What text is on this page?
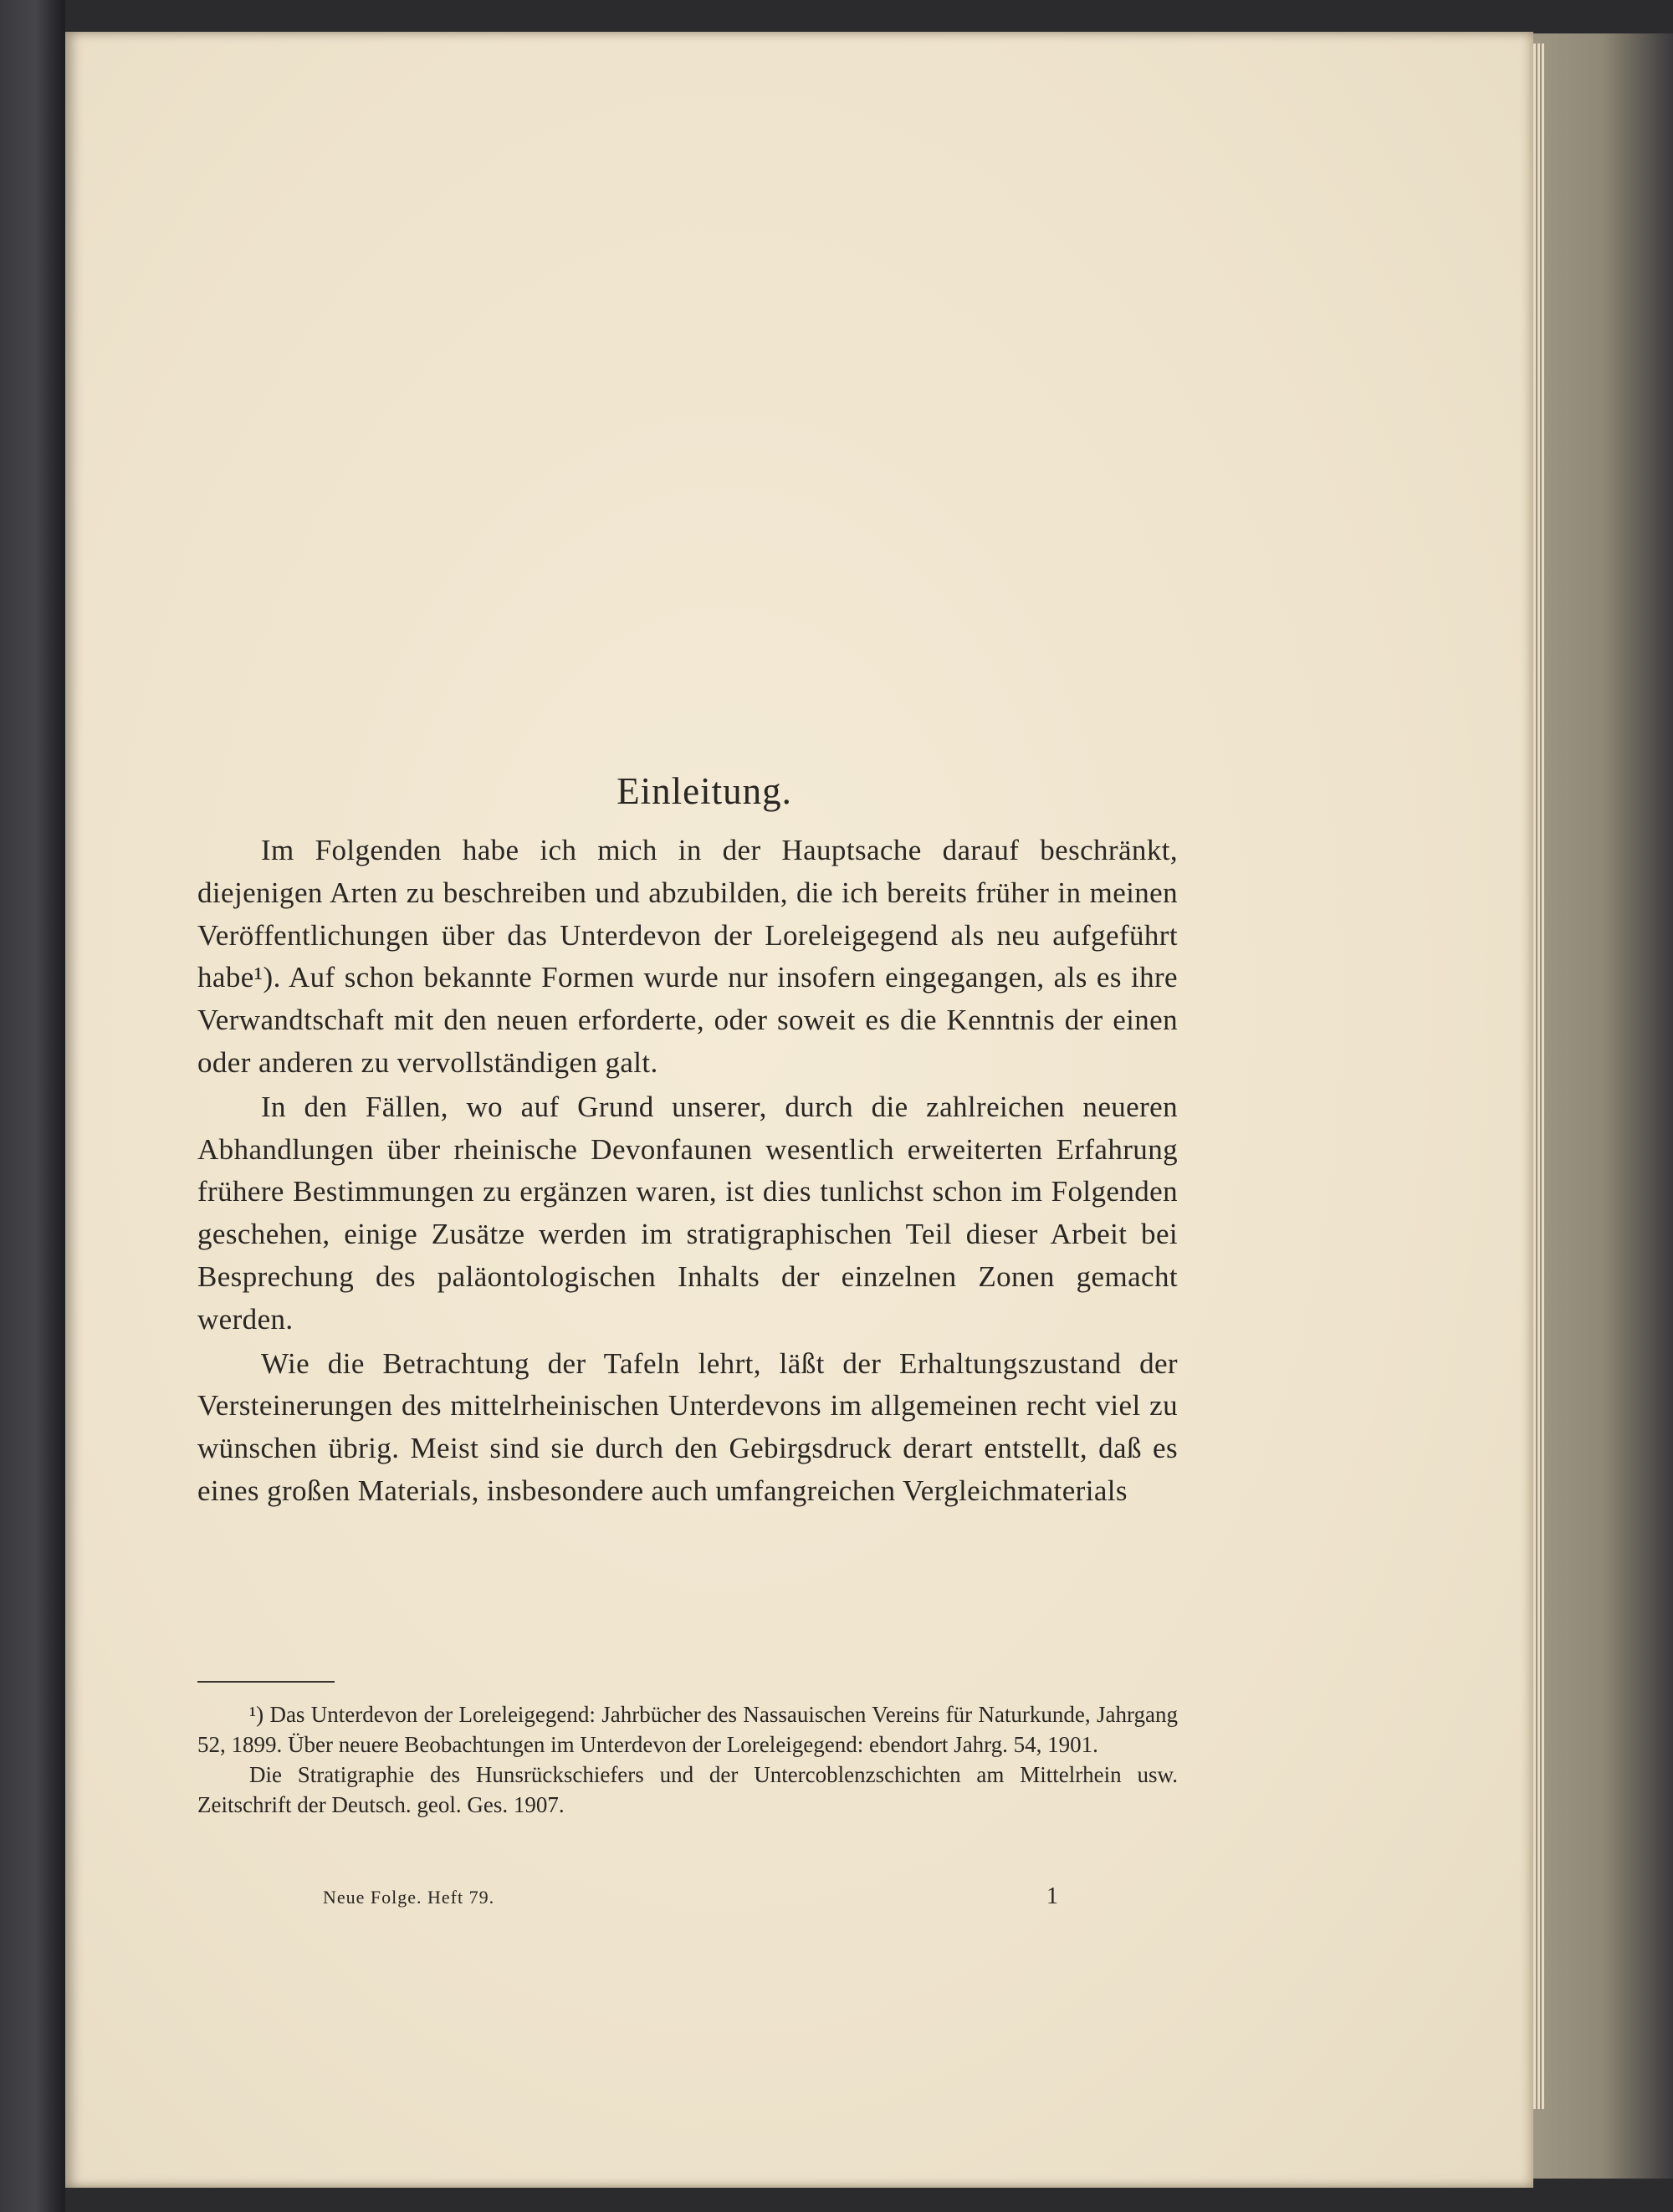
Einleitung.

Im Folgenden habe ich mich in der Hauptsache darauf beschränkt, diejenigen Arten zu beschreiben und abzubilden, die ich bereits früher in meinen Veröffentlichungen über das Unterdevon der Loreleigegend als neu aufgeführt habe¹). Auf schon bekannte Formen wurde nur insofern eingegangen, als es ihre Verwandtschaft mit den neuen erforderte, oder soweit es die Kenntnis der einen oder anderen zu vervollständigen galt.

In den Fällen, wo auf Grund unserer, durch die zahlreichen neueren Abhandlungen über rheinische Devonfaunen wesentlich erweiterten Erfahrung frühere Bestimmungen zu ergänzen waren, ist dies tunlichst schon im Folgenden geschehen, einige Zusätze werden im stratigraphischen Teil dieser Arbeit bei Besprechung des paläontologischen Inhalts der einzelnen Zonen gemacht werden.

Wie die Betrachtung der Tafeln lehrt, läßt der Erhaltungszustand der Versteinerungen des mittelrheinischen Unterdevons im allgemeinen recht viel zu wünschen übrig. Meist sind sie durch den Gebirgsdruck derart entstellt, daß es eines großen Materials, insbesondere auch umfangreichen Vergleichmaterials

¹) Das Unterdevon der Loreleigegend: Jahrbücher des Nassauischen Vereins für Naturkunde, Jahrgang 52, 1899. Über neuere Beobachtungen im Unterdevon der Loreleigegend: ebendort Jahrg. 54, 1901.

Die Stratigraphie des Hunsrückschiefers und der Untercoblenzschichten am Mittelrhein usw. Zeitschrift der Deutsch. geol. Ges. 1907.

Neue Folge. Heft 79.	1
